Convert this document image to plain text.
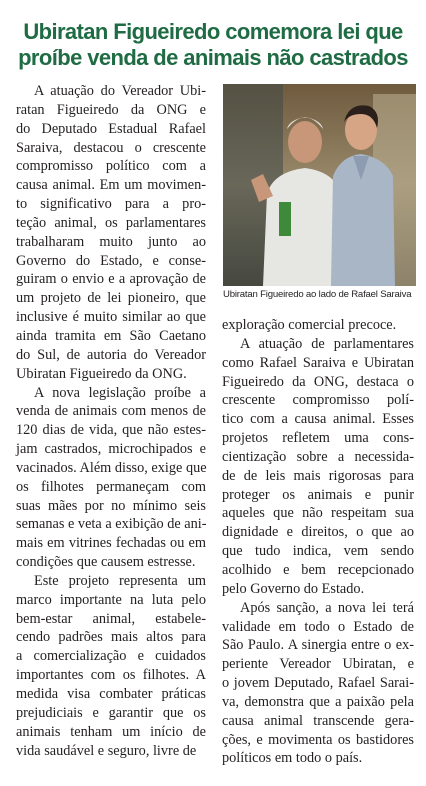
Ubiratan Figueiredo comemora lei que
proíbe venda de animais não castrados

A atuação do Vereador Ubi-
ratan Figueiredo da ONG e
do Deputado Estadual Rafael
Saraiva, destacou o crescente
compromisso político com a
causa animal. Em um movimen-
to significativo para a pro-
teção animal, os parlamentares
trabalharam muito junto ao
Governo do Estado, e conse-
guiram o envio e a aprovação de
um projeto de lei pioneiro, que
inclusive é muito similar ao que
ainda tramita em São Caetano
do Sul, de autoria do Vereador
Ubiratan Figueiredo da ONG.

A nova legislação proíbe a
venda de animais com menos de
120 dias de vida, que não estes-
jam castrados, microchipados e
vacinados. Além disso, exige que
os filhotes permaneçam com
suas mães por no mínimo seis
semanas e veta a exibição de ani-
mais em vitrines fechadas ou em
condições que causem estresse.

Este projeto representa um
marco importante na luta pelo
bem-estar animal, estabele-
cendo padrões mais altos para
a comercialização e cuidados
importantes com os filhotes. A
medida visa combater práticas
prejudiciais e garantir que os
animais tenham um início de
vida saudável e seguro, livre de

Ubiratan Figueiredo ao lado de Rafael Saraiva

exploração comercial precoce.

A atuação de parlamentares
como Rafael Saraiva e Ubiratan
Figueiredo da ONG, destaca o
crescente compromisso polí-
tico com a causa animal. Esses
projetos refletem uma cons-
cientização sobre a necessida-
de de leis mais rigorosas para
proteger os animais e punir
aqueles que não respeitam sua
dignidade e direitos, o que ao
que tudo indica, vem sendo
acolhido e bem recepcionado
pelo Governo do Estado.

Após sanção, a nova lei terá
validade em todo o Estado de
São Paulo. A sinergia entre o ex-
periente Vereador Ubiratan, e
o jovem Deputado, Rafael Sarai-
va, demonstra que a paixão pela
causa animal transcende gera-
ções, e movimenta os bastidores
políticos em todo o país.
